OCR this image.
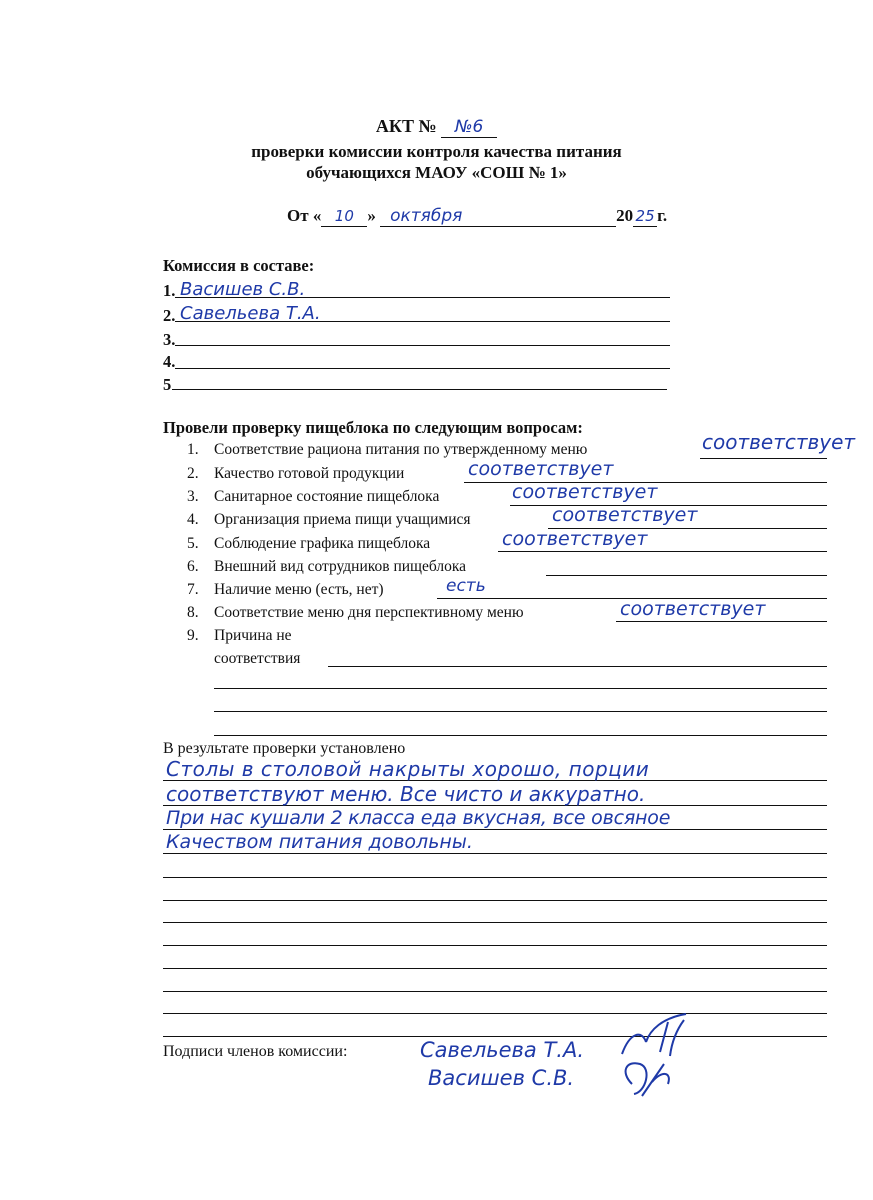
АКТ № №6
проверки комиссии контроля качества питания
обучающихся МАОУ «СОШ № 1»
От « 10 » октября	20 25 г.
Комиссия в составе:
1. Васишев С.В.
2. Савельева Т.А.
3.
4.
5
Провели проверку пищеблока по следующим вопросам:
1. Соответствие рациона питания по утвержденному меню	соответствует
2. Качество готовой продукции	соответствует
3. Санитарное состояние пищеблока	соответствует
4. Организация приема пищи учащимися	соответствует
5. Соблюдение графика пищеблока	соответствует
6. Внешний вид сотрудников пищеблока
7. Наличие меню (есть, нет)	есть
8. Соответствие меню дня перспективному меню	соответствует
9. Причина не
соответствия
В результате проверки установлено
Столы в столовой накрыты хорошо, порции
соответствуют меню. Все чисто и аккуратно.
При нас кушали 2 класса еда вкусная, все овсяное
Качеством питания довольны.
Подписи членов комиссии:	Савельева Т.А.
Васишев С.В.
